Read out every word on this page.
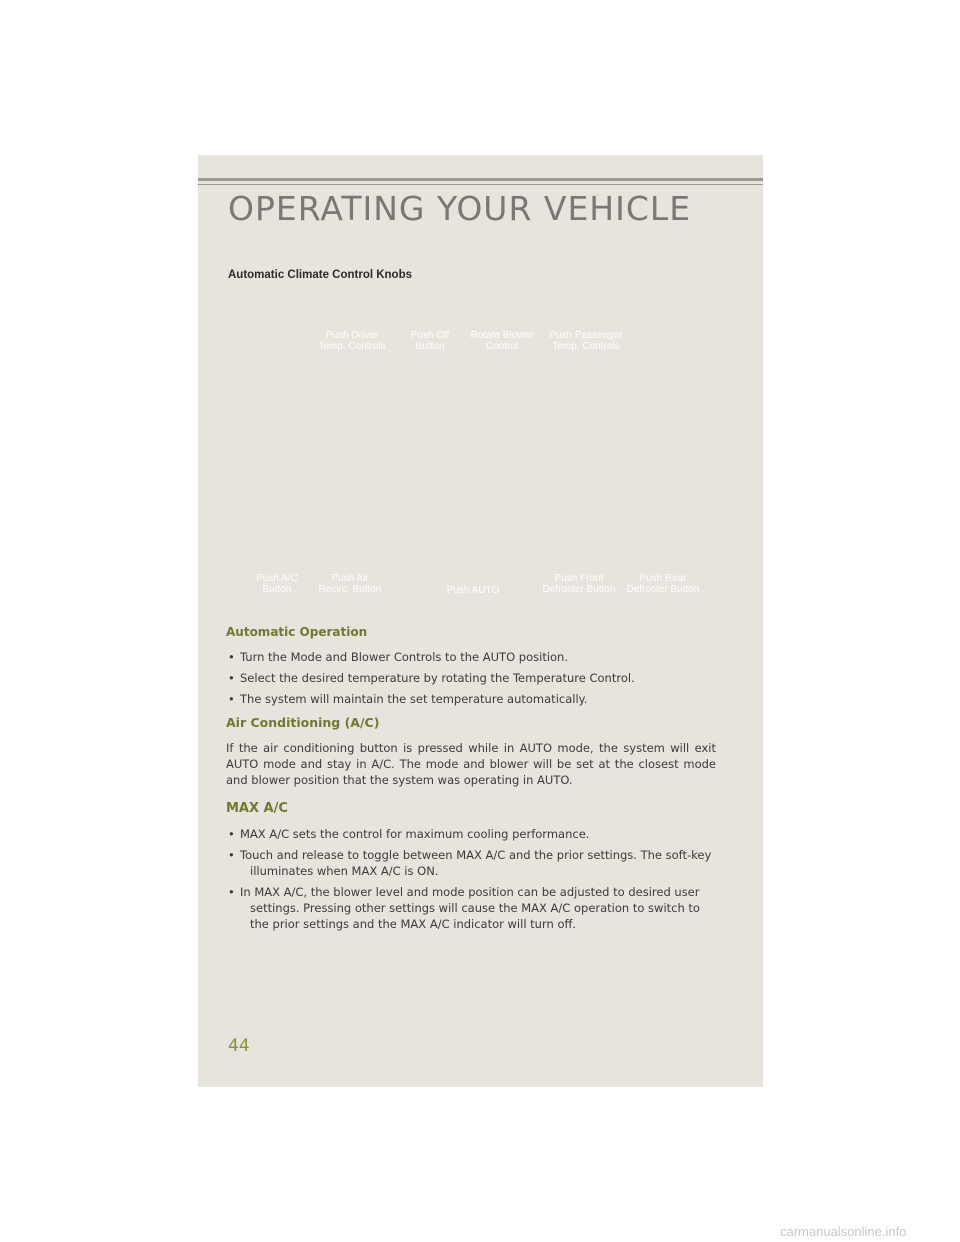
OPERATING YOUR VEHICLE

Automatic Climate Control Knobs

Push Driver
Temp. Controls
Push Off
Button
Rotate Blower
Control
Push Passenger
Temp. Controls
Push A/C
Button
Push Air
Recirc. Button	Push AUTO
Push Front
Defroster Button
Push Rear
Defroster Button
Automatic Operation
• Turn the Mode and Blower Controls to the AUTO position.
• Select the desired temperature by rotating the Temperature Control.
• The system will maintain the set temperature automatically.
Air Conditioning (A/C)

If the air conditioning button is pressed while in AUTO mode, the system will exit AUTO mode and stay in A/C. The mode and blower will be set at the closest mode and blower position that the system was operating in AUTO.

MAX A/C
• MAX A/C sets the control for maximum cooling performance.
• Touch and release to toggle between MAX A/C and the prior settings. The soft-key illuminates when MAX A/C is ON.
• In MAX A/C, the blower level and mode position can be adjusted to desired user settings. Pressing other settings will cause the MAX A/C operation to switch to the prior settings and the MAX A/C indicator will turn off.

44

carmanualsonline.info
